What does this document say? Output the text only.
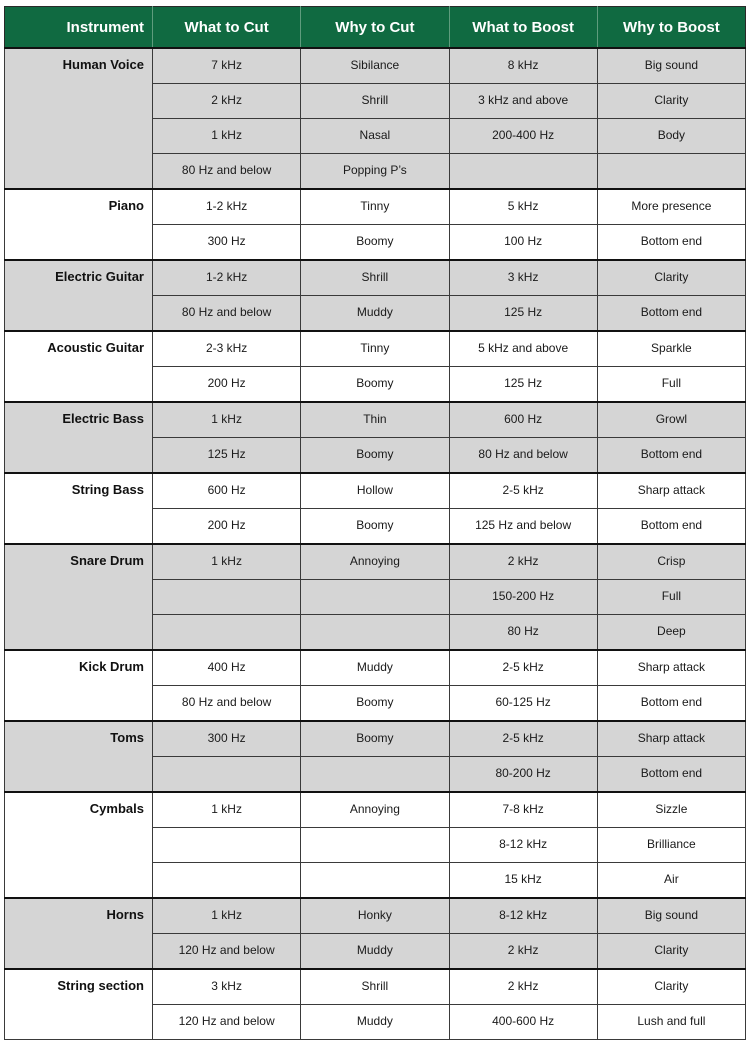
Instrument	What to Cut	Why to Cut	What to Boost	Why to Boost

Human Voice	7 kHz	Sibilance	8 kHz	Big sound

	2 kHz	Shrill	3 kHz and above	Clarity

	1 kHz	Nasal	200-400 Hz	Body

	80 Hz and below	Popping P’s		

Piano	1-2 kHz	Tinny	5 kHz	More presence

	300 Hz	Boomy	100 Hz	Bottom end

Electric Guitar	1-2 kHz	Shrill	3 kHz	Clarity

	80 Hz and below	Muddy	125 Hz	Bottom end

Acoustic Guitar	2-3 kHz	Tinny	5 kHz and above	Sparkle

	200 Hz	Boomy	125 Hz	Full

Electric Bass	1 kHz	Thin	600 Hz	Growl

	125 Hz	Boomy	80 Hz and below	Bottom end

String Bass	600 Hz	Hollow	2-5 kHz	Sharp attack

	200 Hz	Boomy	125 Hz and below	Bottom end

Snare Drum	1 kHz	Annoying	2 kHz	Crisp

			150-200 Hz	Full

			80 Hz	Deep

Kick Drum	400 Hz	Muddy	2-5 kHz	Sharp attack

	80 Hz and below	Boomy	60-125 Hz	Bottom end

Toms	300 Hz	Boomy	2-5 kHz	Sharp attack

			80-200 Hz	Bottom end

Cymbals	1 kHz	Annoying	7-8 kHz	Sizzle

			8-12 kHz	Brilliance

			15 kHz	Air

Horns	1 kHz	Honky	8-12 kHz	Big sound

	120 Hz and below	Muddy	2 kHz	Clarity

String section	3 kHz	Shrill	2 kHz	Clarity

	120 Hz and below	Muddy	400-600 Hz	Lush and full
